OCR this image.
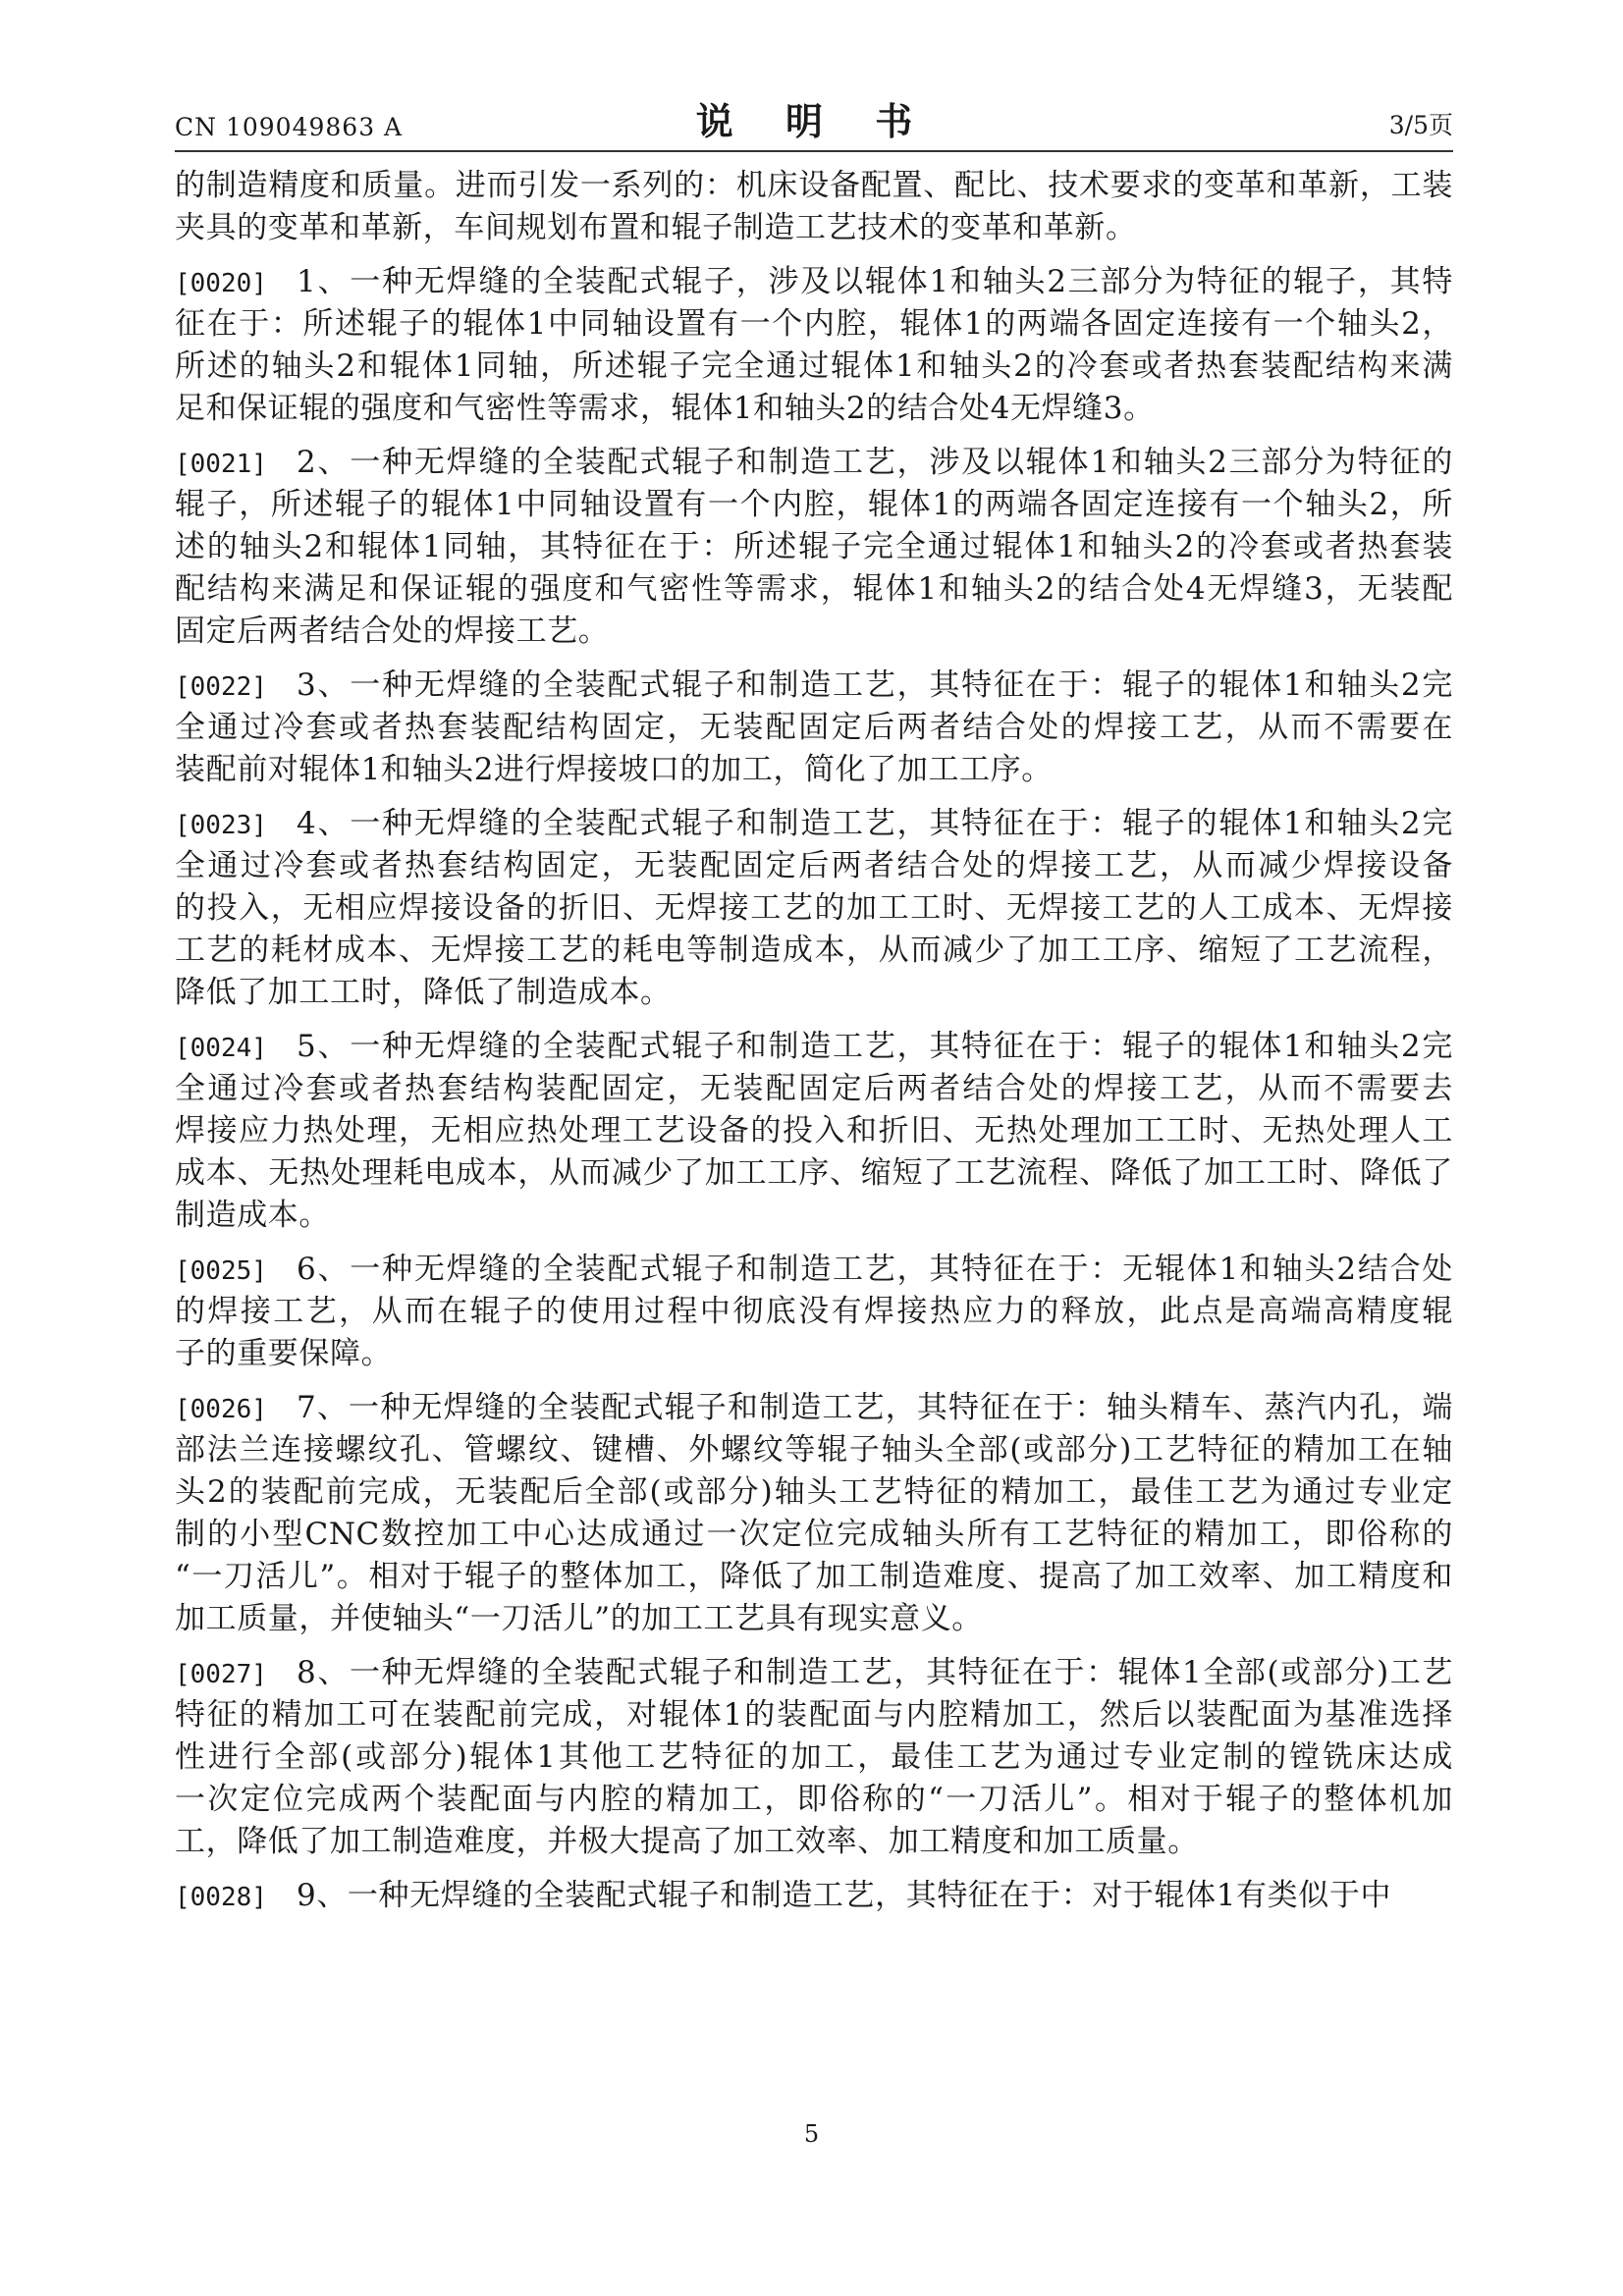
CN 109049863 A	说 明 书	3/5页
的制造精度和质量。进而引发一系列的：机床设备配置、配比、技术要求的变革和革新，工装
夹具的变革和革新，车间规划布置和辊子制造工艺技术的变革和革新。
[0020] 1、一种无焊缝的全装配式辊子，涉及以辊体1和轴头2三部分为特征的辊子，其特
征在于：所述辊子的辊体1中同轴设置有一个内腔，辊体1的两端各固定连接有一个轴头2，
所述的轴头2和辊体1同轴，所述辊子完全通过辊体1和轴头2的冷套或者热套装配结构来满
足和保证辊的强度和气密性等需求，辊体1和轴头2的结合处4无焊缝3。
[0021] 2、一种无焊缝的全装配式辊子和制造工艺，涉及以辊体1和轴头2三部分为特征的
辊子，所述辊子的辊体1中同轴设置有一个内腔，辊体1的两端各固定连接有一个轴头2，所
述的轴头2和辊体1同轴，其特征在于：所述辊子完全通过辊体1和轴头2的冷套或者热套装
配结构来满足和保证辊的强度和气密性等需求，辊体1和轴头2的结合处4无焊缝3，无装配
固定后两者结合处的焊接工艺。
[0022] 3、一种无焊缝的全装配式辊子和制造工艺，其特征在于：辊子的辊体1和轴头2完
全通过冷套或者热套装配结构固定，无装配固定后两者结合处的焊接工艺，从而不需要在
装配前对辊体1和轴头2进行焊接坡口的加工，简化了加工工序。
[0023] 4、一种无焊缝的全装配式辊子和制造工艺，其特征在于：辊子的辊体1和轴头2完
全通过冷套或者热套结构固定，无装配固定后两者结合处的焊接工艺，从而减少焊接设备
的投入，无相应焊接设备的折旧、无焊接工艺的加工工时、无焊接工艺的人工成本、无焊接
工艺的耗材成本、无焊接工艺的耗电等制造成本，从而减少了加工工序、缩短了工艺流程，
降低了加工工时，降低了制造成本。
[0024] 5、一种无焊缝的全装配式辊子和制造工艺，其特征在于：辊子的辊体1和轴头2完
全通过冷套或者热套结构装配固定，无装配固定后两者结合处的焊接工艺，从而不需要去
焊接应力热处理，无相应热处理工艺设备的投入和折旧、无热处理加工工时、无热处理人工
成本、无热处理耗电成本，从而减少了加工工序、缩短了工艺流程、降低了加工工时、降低了
制造成本。
[0025] 6、一种无焊缝的全装配式辊子和制造工艺，其特征在于：无辊体1和轴头2结合处
的焊接工艺，从而在辊子的使用过程中彻底没有焊接热应力的释放，此点是高端高精度辊
子的重要保障。
[0026] 7、一种无焊缝的全装配式辊子和制造工艺，其特征在于：轴头精车、蒸汽内孔，端
部法兰连接螺纹孔、管螺纹、键槽、外螺纹等辊子轴头全部(或部分)工艺特征的精加工在轴
头2的装配前完成，无装配后全部(或部分)轴头工艺特征的精加工，最佳工艺为通过专业定
制的小型CNC数控加工中心达成通过一次定位完成轴头所有工艺特征的精加工，即俗称的
“一刀活儿”。相对于辊子的整体加工，降低了加工制造难度、提高了加工效率、加工精度和
加工质量，并使轴头“一刀活儿”的加工工艺具有现实意义。
[0027] 8、一种无焊缝的全装配式辊子和制造工艺，其特征在于：辊体1全部(或部分)工艺
特征的精加工可在装配前完成，对辊体1的装配面与内腔精加工，然后以装配面为基准选择
性进行全部(或部分)辊体1其他工艺特征的加工，最佳工艺为通过专业定制的镗铣床达成
一次定位完成两个装配面与内腔的精加工，即俗称的“一刀活儿”。相对于辊子的整体机加
工，降低了加工制造难度，并极大提高了加工效率、加工精度和加工质量。
[0028] 9、一种无焊缝的全装配式辊子和制造工艺，其特征在于：对于辊体1有类似于中
5
